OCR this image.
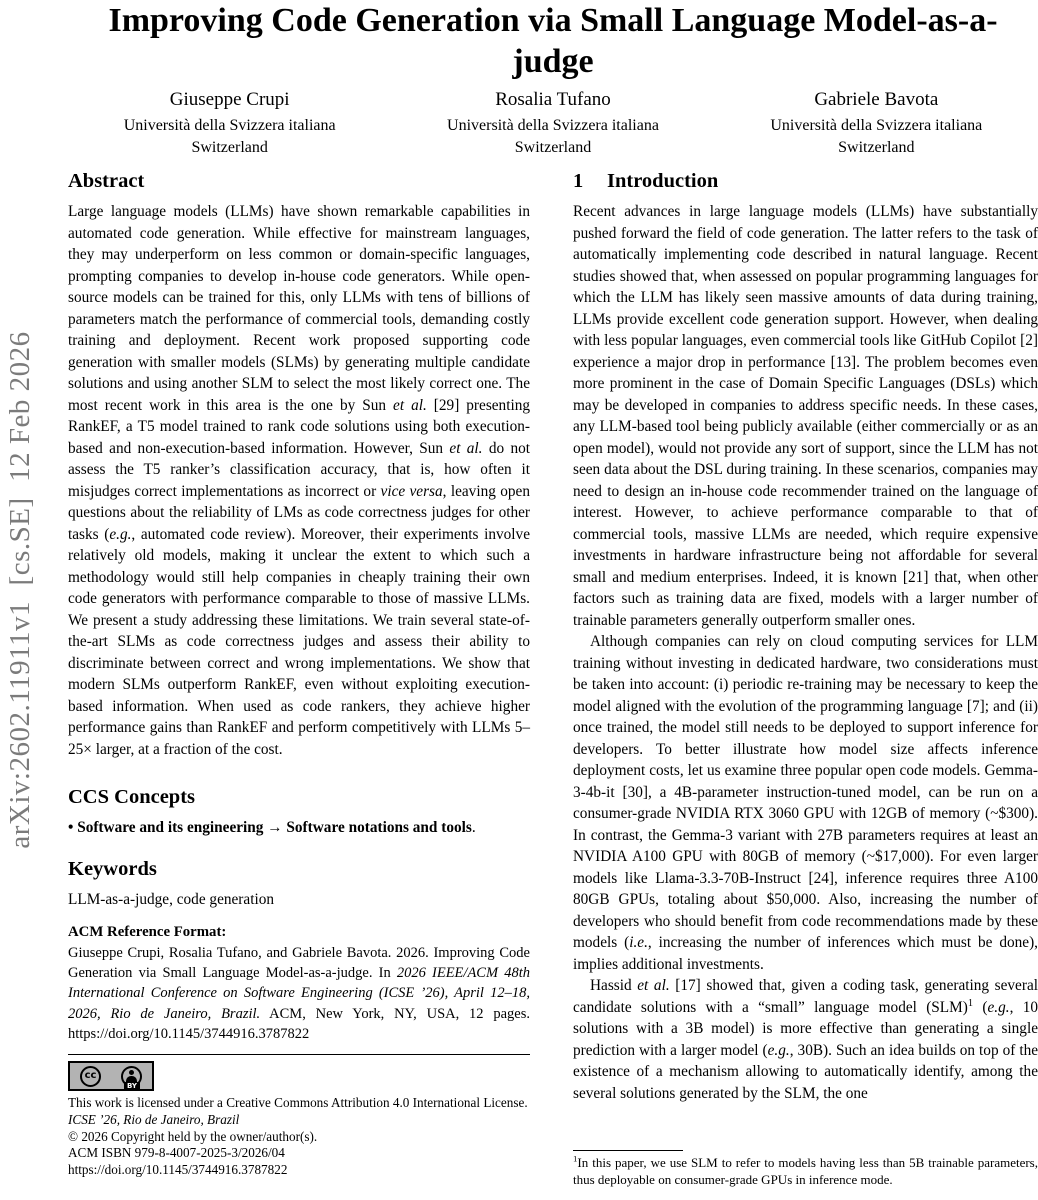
arXiv:2602.11911v1  [cs.SE]  12 Feb 2026
Improving Code Generation via Small Language Model-as-a-judge
Giuseppe Crupi
Università della Svizzera italiana
Switzerland
Rosalia Tufano
Università della Svizzera italiana
Switzerland
Gabriele Bavota
Università della Svizzera italiana
Switzerland
Abstract

Large language models (LLMs) have shown remarkable capabilities in automated code generation. While effective for mainstream languages, they may underperform on less common or domain-specific languages, prompting companies to develop in-house code generators. While open-source models can be trained for this, only LLMs with tens of billions of parameters match the performance of commercial tools, demanding costly training and deployment. Recent work proposed supporting code generation with smaller models (SLMs) by generating multiple candidate solutions and using another SLM to select the most likely correct one. The most recent work in this area is the one by Sun et al. [29] presenting RankEF, a T5 model trained to rank code solutions using both execution-based and non-execution-based information. However, Sun et al. do not assess the T5 ranker’s classification accuracy, that is, how often it misjudges correct implementations as incorrect or vice versa, leaving open questions about the reliability of LMs as code correctness judges for other tasks (e.g., automated code review). Moreover, their experiments involve relatively old models, making it unclear the extent to which such a methodology would still help companies in cheaply training their own code generators with performance comparable to those of massive LLMs. We present a study addressing these limitations. We train several state-of-the-art SLMs as code correctness judges and assess their ability to discriminate between correct and wrong implementations. We show that modern SLMs outperform RankEF, even without exploiting execution-based information. When used as code rankers, they achieve higher performance gains than RankEF and perform competitively with LLMs 5–25× larger, at a fraction of the cost.

CCS Concepts

• Software and its engineering → Software notations and tools.

Keywords

LLM-as-a-judge, code generation

ACM Reference Format:

Giuseppe Crupi, Rosalia Tufano, and Gabriele Bavota. 2026. Improving Code Generation via Small Language Model-as-a-judge. In 2026 IEEE/ACM 48th International Conference on Software Engineering (ICSE ’26), April 12–18, 2026, Rio de Janeiro, Brazil. ACM, New York, NY, USA, 12 pages. https://doi.org/10.1145/3744916.3787822

cc
BY

This work is licensed under a Creative Commons Attribution 4.0 International License.

ICSE ’26, Rio de Janeiro, Brazil

© 2026 Copyright held by the owner/author(s).

ACM ISBN 979-8-4007-2025-3/2026/04

https://doi.org/10.1145/3744916.3787822

1 Introduction

Recent advances in large language models (LLMs) have substantially pushed forward the field of code generation. The latter refers to the task of automatically implementing code described in natural language. Recent studies showed that, when assessed on popular programming languages for which the LLM has likely seen massive amounts of data during training, LLMs provide excellent code generation support. However, when dealing with less popular languages, even commercial tools like GitHub Copilot [2] experience a major drop in performance [13]. The problem becomes even more prominent in the case of Domain Specific Languages (DSLs) which may be developed in companies to address specific needs. In these cases, any LLM-based tool being publicly available (either commercially or as an open model), would not provide any sort of support, since the LLM has not seen data about the DSL during training. In these scenarios, companies may need to design an in-house code recommender trained on the language of interest. However, to achieve performance comparable to that of commercial tools, massive LLMs are needed, which require expensive investments in hardware infrastructure being not affordable for several small and medium enterprises. Indeed, it is known [21] that, when other factors such as training data are fixed, models with a larger number of trainable parameters generally outperform smaller ones.

Although companies can rely on cloud computing services for LLM training without investing in dedicated hardware, two considerations must be taken into account: (i) periodic re-training may be necessary to keep the model aligned with the evolution of the programming language [7]; and (ii) once trained, the model still needs to be deployed to support inference for developers. To better illustrate how model size affects inference deployment costs, let us examine three popular open code models. Gemma-3-4b-it [30], a 4B-parameter instruction-tuned model, can be run on a consumer-grade NVIDIA RTX 3060 GPU with 12GB of memory (~$300). In contrast, the Gemma-3 variant with 27B parameters requires at least an NVIDIA A100 GPU with 80GB of memory (~$17,000). For even larger models like Llama-3.3-70B-Instruct [24], inference requires three A100 80GB GPUs, totaling about $50,000. Also, increasing the number of developers who should benefit from code recommendations made by these models (i.e., increasing the number of inferences which must be done), implies additional investments.

Hassid et al. [17] showed that, given a coding task, generating several candidate solutions with a “small” language model (SLM)$^1$ (e.g., 10 solutions with a 3B model) is more effective than generating a single prediction with a larger model (e.g., 30B). Such an idea builds on top of the existence of a mechanism allowing to automatically identify, among the several solutions generated by the SLM, the one

$^1$In this paper, we use SLM to refer to models having less than 5B trainable parameters, thus deployable on consumer-grade GPUs in inference mode.
